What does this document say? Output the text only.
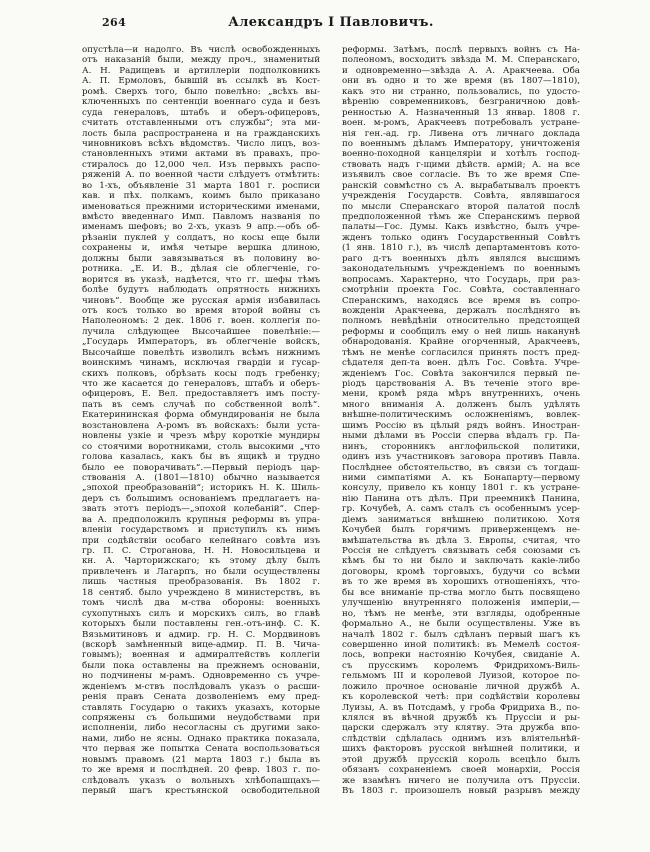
264	Александръ I Павловичъ.
опустѣла—и надолго. Въ числѣ освобожденныхъ
отъ наказаній были, между проч., знаменитый
А. Н. Радищевъ и артиллеріи подполковникъ
А. П. Ермоловъ, бывшій въ ссылкѣ въ Кост-
ромѣ. Сверхъ того, было повелѣно: „всѣхъ вы-
ключенныхъ по сентенціи военнаго суда и безъ
суда генераловъ, штабъ и оберъ-офицеровъ,
считать отставленными отъ службы“; эта ми-
лость была распространена и на гражданскихъ
чиновниковъ всѣхъ вѣдомствъ. Число лицъ, воз-
становленныхъ этими актами въ правахъ, про-
стиралось до 12,000 чел. Изъ первыхъ распо-
ряженій А. по военной части слѣдуетъ отмѣтить:
во 1-хъ, объявленіе 31 марта 1801 г. росписи
кав. и пѣх. полкамъ, коимъ было приказано
именоваться прежними историческими именами,
вмѣсто введеннаго Имп. Павломъ названія по
именамъ шефовъ; во 2-хъ, указъ 9 апр.—объ об-
рѣзаніи пуклей у солдатъ, но косы еще были
сохранены и, имѣя четыре вершка длиною,
должны были завязываться въ половину во-
ротника. „Е. И. В., дѣлая сіе облегченіе, го-
ворится въ указѣ, надѣется, что гг. шефы тѣмъ
болѣе будутъ наблюдать опрятность нижнихъ
чиновъ“. Вообще же русская армія избавилась
отъ косъ только во время второй войны съ
Наполеономъ: 2 дек. 1806 г. воен. коллегія по-
лучила слѣдующее Высочайшее повелѣніе:—
„Государь Императоръ, въ облегченіе войскъ,
Высочайше повелѣть изволилъ всѣмъ нижнимъ
воинскимъ чинамъ, исключая гвардіи и гусар-
скихъ полковъ, обрѣзать косы подъ гребенку;
что же касается до генераловъ, штабъ и оберъ-
офицеровъ, Е. Вел. предоставляетъ имъ посту-
пать въ семъ случаѣ по собственной волѣ“.
Екатерининская форма обмундированія не была
возстановлена А-ромъ въ войскахъ: были уста-
новлены узкіе и чрезъ мѣру короткіе мундиры
со стоячими воротниками, столь высокими „что
голова казалась, какъ бы въ ящикѣ и трудно
было ее поворачивать“.—Первый періодъ цар-
ствованія А. (1801—1810) обычно называется
„эпохой преобразованій“; историкъ Н. К. Шиль-
деръ съ большимъ основаніемъ предлагаетъ на-
звать этотъ періодъ—„эпохой колебаній“. Спер-
ва А. предположилъ крупныя реформы въ упра-
вленіи государствомъ и приступилъ къ нимъ
при содѣйствіи особаго келейнаго совѣта изъ
гр. П. С. Строганова, Н. Н. Новосильцева и
кн. А. Чарторижскаго; къ этому дѣлу былъ
привлеченъ и Лагарпъ, но были осуществлены
лишь частныя преобразованія. Въ 1802 г.
18 сентяб. было учреждено 8 министерствъ, въ
томъ числѣ два м-ства обороны: военныхъ
сухопутныхъ силъ и морскихъ силъ, во главѣ
которыхъ были поставлены ген.-отъ-инф. С. К.
Вязьмитиновъ и адмир. гр. Н. С. Мордвиновъ
(вскорѣ замѣненный вице-адмир. П. В. Чича-
говымъ); военная и адмиралтействъ коллегіи
были пока оставлены на прежнемъ основаніи,
но подчинены м-рамъ. Одновременно съ учре-
жденіемъ м-ствъ послѣдовалъ указъ о расши-
ренія правъ Сената дозволеніемъ ему пред-
ставлять Государю о такихъ указахъ, которые
сопряжены съ большими неудобствами при
исполненіи, либо несогласны съ другими зако-
нами, либо не ясны. Однако практика показала,
что первая же попытка Сената воспользоваться
новымъ правомъ (21 марта 1803 г.) была въ
то же время и послѣдней. 20 февр. 1803 г. по-
слѣдовалъ указъ о вольныхъ хлѣбопашцахъ—
первый шагъ крестьянской освободительной
реформы. Затѣмъ, послѣ первыхъ войнъ съ На-
полеономъ, восходитъ звѣзда М. М. Сперанскаго,
и одновременно—звѣзда А. А. Аракчеева. Оба
они въ одно и то же время (въ 1807—1810),
какъ это ни странно, пользовались, по удосто-
вѣренію современниковъ, безграничною довѣ-
ренностью А. Назначенный 13 январ. 1808 г.
воен. м-ромъ, Аракчеевъ потребовалъ устране-
нія ген.-ад. гр. Ливена отъ личнаго доклада
по военнымъ дѣламъ Императору, уничтоженія
военно-походной канцеляріи и хотѣлъ господ-
ствовать надъ г-щими дѣйств. армій; А. на все
изъявилъ свое согласіе. Въ то же время Спе-
ранскій совмѣстно съ А. вырабатывалъ проектъ
учрежденія Государств. Совѣта, являвшагося
по мысли Сперанскаго второй палатой послѣ
предположенной тѣмъ же Сперанскимъ первой
палаты—Гос. Думы. Какъ извѣстно, былъ учре-
жденъ только одинъ Государственный Совѣтъ
(1 янв. 1810 г.), въ числѣ департаментовъ кото-
раго д-тъ военныхъ дѣлъ являлся высшимъ
законодательнымъ учрежденіемъ по военнымъ
вопросамъ. Характерно, что Государь, при раз-
смотрѣніи проекта Гос. Совѣта, составленнаго
Сперанскимъ, находясь все время въ сопро-
вожденіи Аракчеева, держалъ послѣдняго въ
полномъ невѣдѣніи относительно предстоящей
реформы и сообщилъ ему о ней лишь наканунѣ
обнародованія. Крайне огорченный, Аракчеевъ,
тѣмъ не менѣе согласился принять постъ пред-
сѣдателя деп-та воен. дѣлъ Гос. Совѣта. Учре-
жденіемъ Гос. Совѣта закончился первый пе-
ріодъ царствованія А. Въ теченіе этого вре-
мени, кромѣ ряда мѣръ внутреннихъ, очень
много вниманія А. долженъ былъ удѣлять
внѣшне-политическимъ осложненіямъ, вовлек-
шимъ Россію въ цѣлый рядъ войнъ. Иностран-
ными дѣлами въ Россіи сперва вѣдалъ гр. Па-
нинъ, сторонникъ англофильской политики,
одинъ изъ участниковъ заговора противъ Павла.
Послѣднее обстоятельство, въ связи съ тогдаш-
ними симпатіями А. къ Бонапарту—первому
консулу, привело къ концу 1801 г. къ устране-
нію Панина отъ дѣлъ. При преемникѣ Панина,
гр. Кочубеѣ, А. самъ сталъ съ особеннымъ усер-
діемъ заниматься внѣшнею политикою. Хотя
Кочубей былъ горячимъ приверженцемъ не-
вмѣшательства въ дѣла З. Европы, считая, что
Россія не слѣдуетъ связывать себя союзами съ
кѣмъ бы то ни было и заключать какіе-либо
договоры, кромѣ торговыхъ, будучи со всѣми
въ то же время въ хорошихъ отношеніяхъ, что-
бы все вниманіе пр-ства могло быть посвящено
улучшенію внутренняго положенія имперіи,—
но, тѣмъ не менѣе, эти взгляды, одобренные
формально А., не были осуществлены. Уже въ
началѣ 1802 г. былъ сдѣланъ первый шагъ къ
совершенно иной политикѣ: въ Мемелѣ состоя-
лось, вопреки настоянію Кочубея, свиданіе А.
съ прусскимъ королемъ Фридрихомъ-Виль-
гельмомъ III и королевой Луизой, которое по-
ложило прочное основаніе личной дружбѣ А.
къ королевской четѣ: при содѣйствіи королевы
Луизы, А. въ Потсдамѣ, у гроба Фридриха В., по-
клялся въ вѣчной дружбѣ къ Пруссіи и ры-
царски сдержалъ эту клятву. Эта дружба впо-
слѣдствіи сдѣлалась однимъ изъ вліятельнѣй-
шихъ факторовъ русской внѣшней политики, и
этой дружбѣ прусскій король всецѣло былъ
обязанъ сохраненіемъ своей монархіи, Россія
же взамѣнъ ничего не получила отъ Пруссіи.
Въ 1803 г. произошелъ новый разрывъ между
